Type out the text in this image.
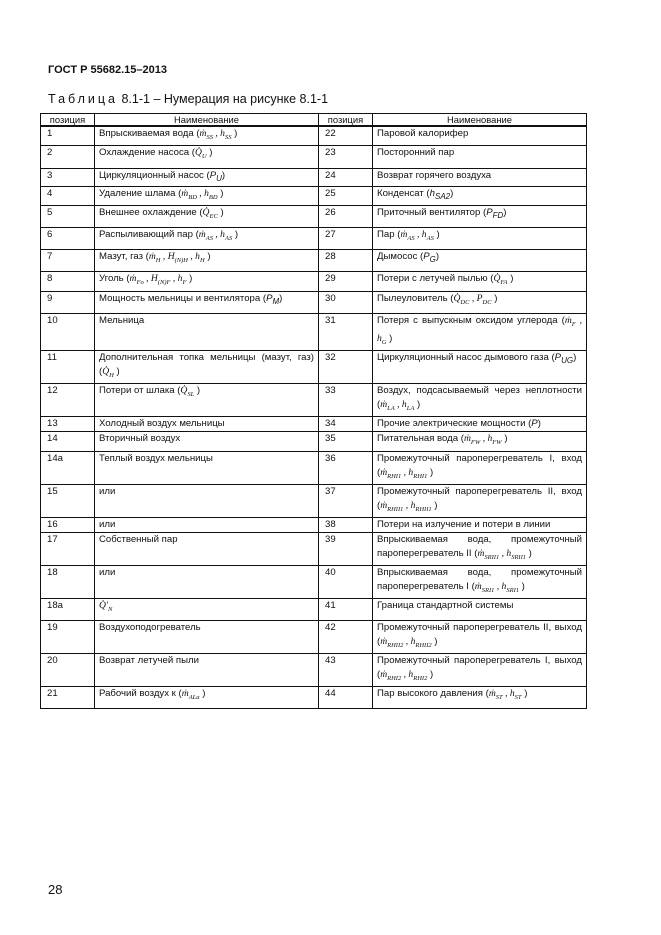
ГОСТ Р 55682.15–2013
Таблица 8.1-1 – Нумерация на рисунке 8.1-1
позиция	Наименование	позиция	Наименование
1	Впрыскиваемая вода (ṁ$_{SS}$ , $h_{SS}$ )	22	Паровой калорифер
2	Охлаждение насоса ($Q̇_U$ )	23	Посторонний пар
3	Циркуляционный насос $(P_U)$	24	Возврат горячего воздуха
4	Удаление шлама (ṁ$_{BD}$ , $h_{BD}$ )	25	Конденсат $(h_{SA2})$
5	Внешнее охлаждение ($Q̇_{EC}$ )	26	Приточный вентилятор $(P_{FD})$
6	Распыливающий пар (ṁ$_{AS}$ , $h_{AS}$ )	27	Пар (ṁ$_{AS}$ , $h_{AS}$ )
7	Мазут, газ (ṁ$_H$ , $H_{(N)H}$ , $h_H$ )	28	Дымосос $(P_G)$
8	Уголь (ṁ$_{Fo}$ , $H_{(N)F}$ , $h_F$ )	29	Потери с летучей пылью ($Q̇_{FA}$ )
9	Мощность мельницы и вентилятора $(P_M)$	30	Пылеуловитель ($Q̇_{DC}$ , $P_{DC}$ )
10	Мельница	31	Потеря с выпускным оксидом углерода (ṁ$_F$ , $h_G$ )
11	Дополнительная топка мельницы (мазут, газ) ($Q̇_H$ )	32	Циркуляционный насос дымового газа $(P_{UG})$
12	Потери от шлака ($Q̇_{SL}$ )	33	Воздух, подсасываемый через неплотности (ṁ$_{LA}$ , $h_{LA}$ )
13	Холодный воздух мельницы	34	Прочие электрические мощности (P)
14	Вторичный воздух	35	Питательная вода (ṁ$_{FW}$ , $h_{FW}$ )
14a	Теплый воздух мельницы	36	Промежуточный пароперегреватель I, вход (ṁ$_{RHI1}$ , $h_{RHI1}$ )
15	или	37	Промежуточный пароперегреватель II, вход (ṁ$_{RHII1}$ , $h_{RHII1}$ )
16	или	38	Потери на излучение и потери в линии
17	Собственный пар	39	Впрыскиваемая вода, промежуточный пароперегреватель II (ṁ$_{SRII1}$ , $h_{SRII1}$ )
18	или	40	Впрыскиваемая вода, промежуточный пароперегреватель I (ṁ$_{SRI1}$ , $h_{SRI1}$ )
18a	$Q̇'_N$	41	Граница стандартной системы
19	Воздухоподогреватель	42	Промежуточный пароперегреватель II, выход (ṁ$_{RHII2}$ , $h_{RHII2}$ )
20	Возврат летучей пыли	43	Промежуточный пароперегреватель I, выход (ṁ$_{RHI2}$ , $h_{RHI2}$ )
21	Рабочий воздух к (ṁ$_{ALa}$ )	44	Пар высокого давления (ṁ$_{ST}$ , $h_{ST}$ )
28
